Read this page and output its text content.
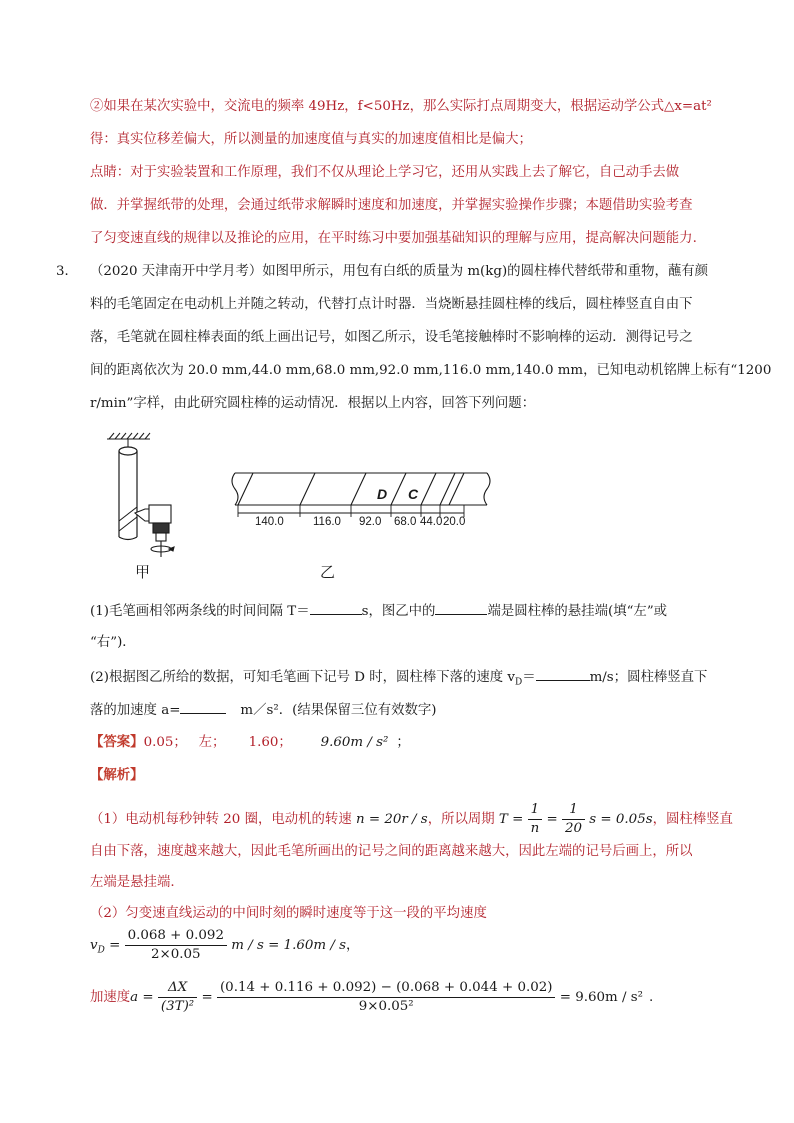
②如果在某次实验中，交流电的频率 49Hz，f<50Hz，那么实际打点周期变大，根据运动学公式△x=at²
得：真实位移差偏大，所以测量的加速度值与真实的加速度值相比是偏大；
点睛：对于实验装置和工作原理，我们不仅从理论上学习它，还用从实践上去了解它，自己动手去做
做．并掌握纸带的处理，会通过纸带求解瞬时速度和加速度，并掌握实验操作步骤；本题借助实验考查
了匀变速直线的规律以及推论的应用，在平时练习中要加强基础知识的理解与应用，提高解决问题能力.
3． （2020 天津南开中学月考）如图甲所示，用包有白纸的质量为 m(kg)的圆柱棒代替纸带和重物，蘸有颜
料的毛笔固定在电动机上并随之转动，代替打点计时器．当烧断悬挂圆柱棒的线后，圆柱棒竖直自由下
落，毛笔就在圆柱棒表面的纸上画出记号，如图乙所示，设毛笔接触棒时不影响棒的运动．测得记号之
间的距离依次为 20.0 mm,44.0 mm,68.0 mm,92.0 mm,116.0 mm,140.0 mm，已知电动机铭牌上标有“1200
r/min”字样，由此研究圆柱棒的运动情况．根据以上内容，回答下列问题：
甲
D C
140.0	116.0 92.0 68.0 44.0 20.0
乙
(1)毛笔画相邻两条线的时间间隔 T＝	s，图乙中的	端是圆柱棒的悬挂端(填“左”或
“右”)．
(2)根据图乙所给的数据，可知毛笔画下记号 D 时，圆柱棒下落的速度 $v_D=$	m/s；圆柱棒竖直下
落的加速度 a=	m／s²．(结果保留三位有效数字)
【答案】0.05； 左； 1.60； 9.60m / s² ；
【解析】
（1）电动机每秒钟转 20 圈，电动机的转速 n = 20r / s，所以周期 $T = \frac{1}{n} = \frac{1}{20}$ s = 0.05s，圆柱棒竖直
自由下落，速度越来越大，因此毛笔所画出的记号之间的距离越来越大，因此左端的记号后画上，所以
左端是悬挂端.
（2）匀变速直线运动的中间时刻的瞬时速度等于这一段的平均速度
$v_D = \frac{0.068 + 0.092}{2\times 0.05}$ m / s = 1.60m / s，
加速度$a = \frac{\Delta X}{\text{(3T)²}} = \frac{(0.14 + 0.116 + 0.092) - (0.068 + 0.044 + 0.02)}{\text{9×0.05²}} = 9.60m / s^2$ .
